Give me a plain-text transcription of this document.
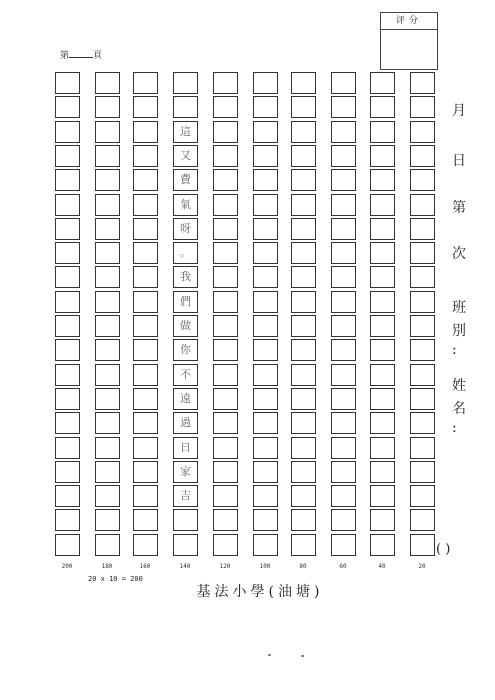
评分
第	頁
這
又
費
氣
呀
。
我
們
做
你
不
遠
過
日
家
吉
200	180	160	140	120	100	80	60	40	20
20 x 10 = 200
月
日
第
次
班
別
:
姓
名
:
( )
基法小學(油塘)
